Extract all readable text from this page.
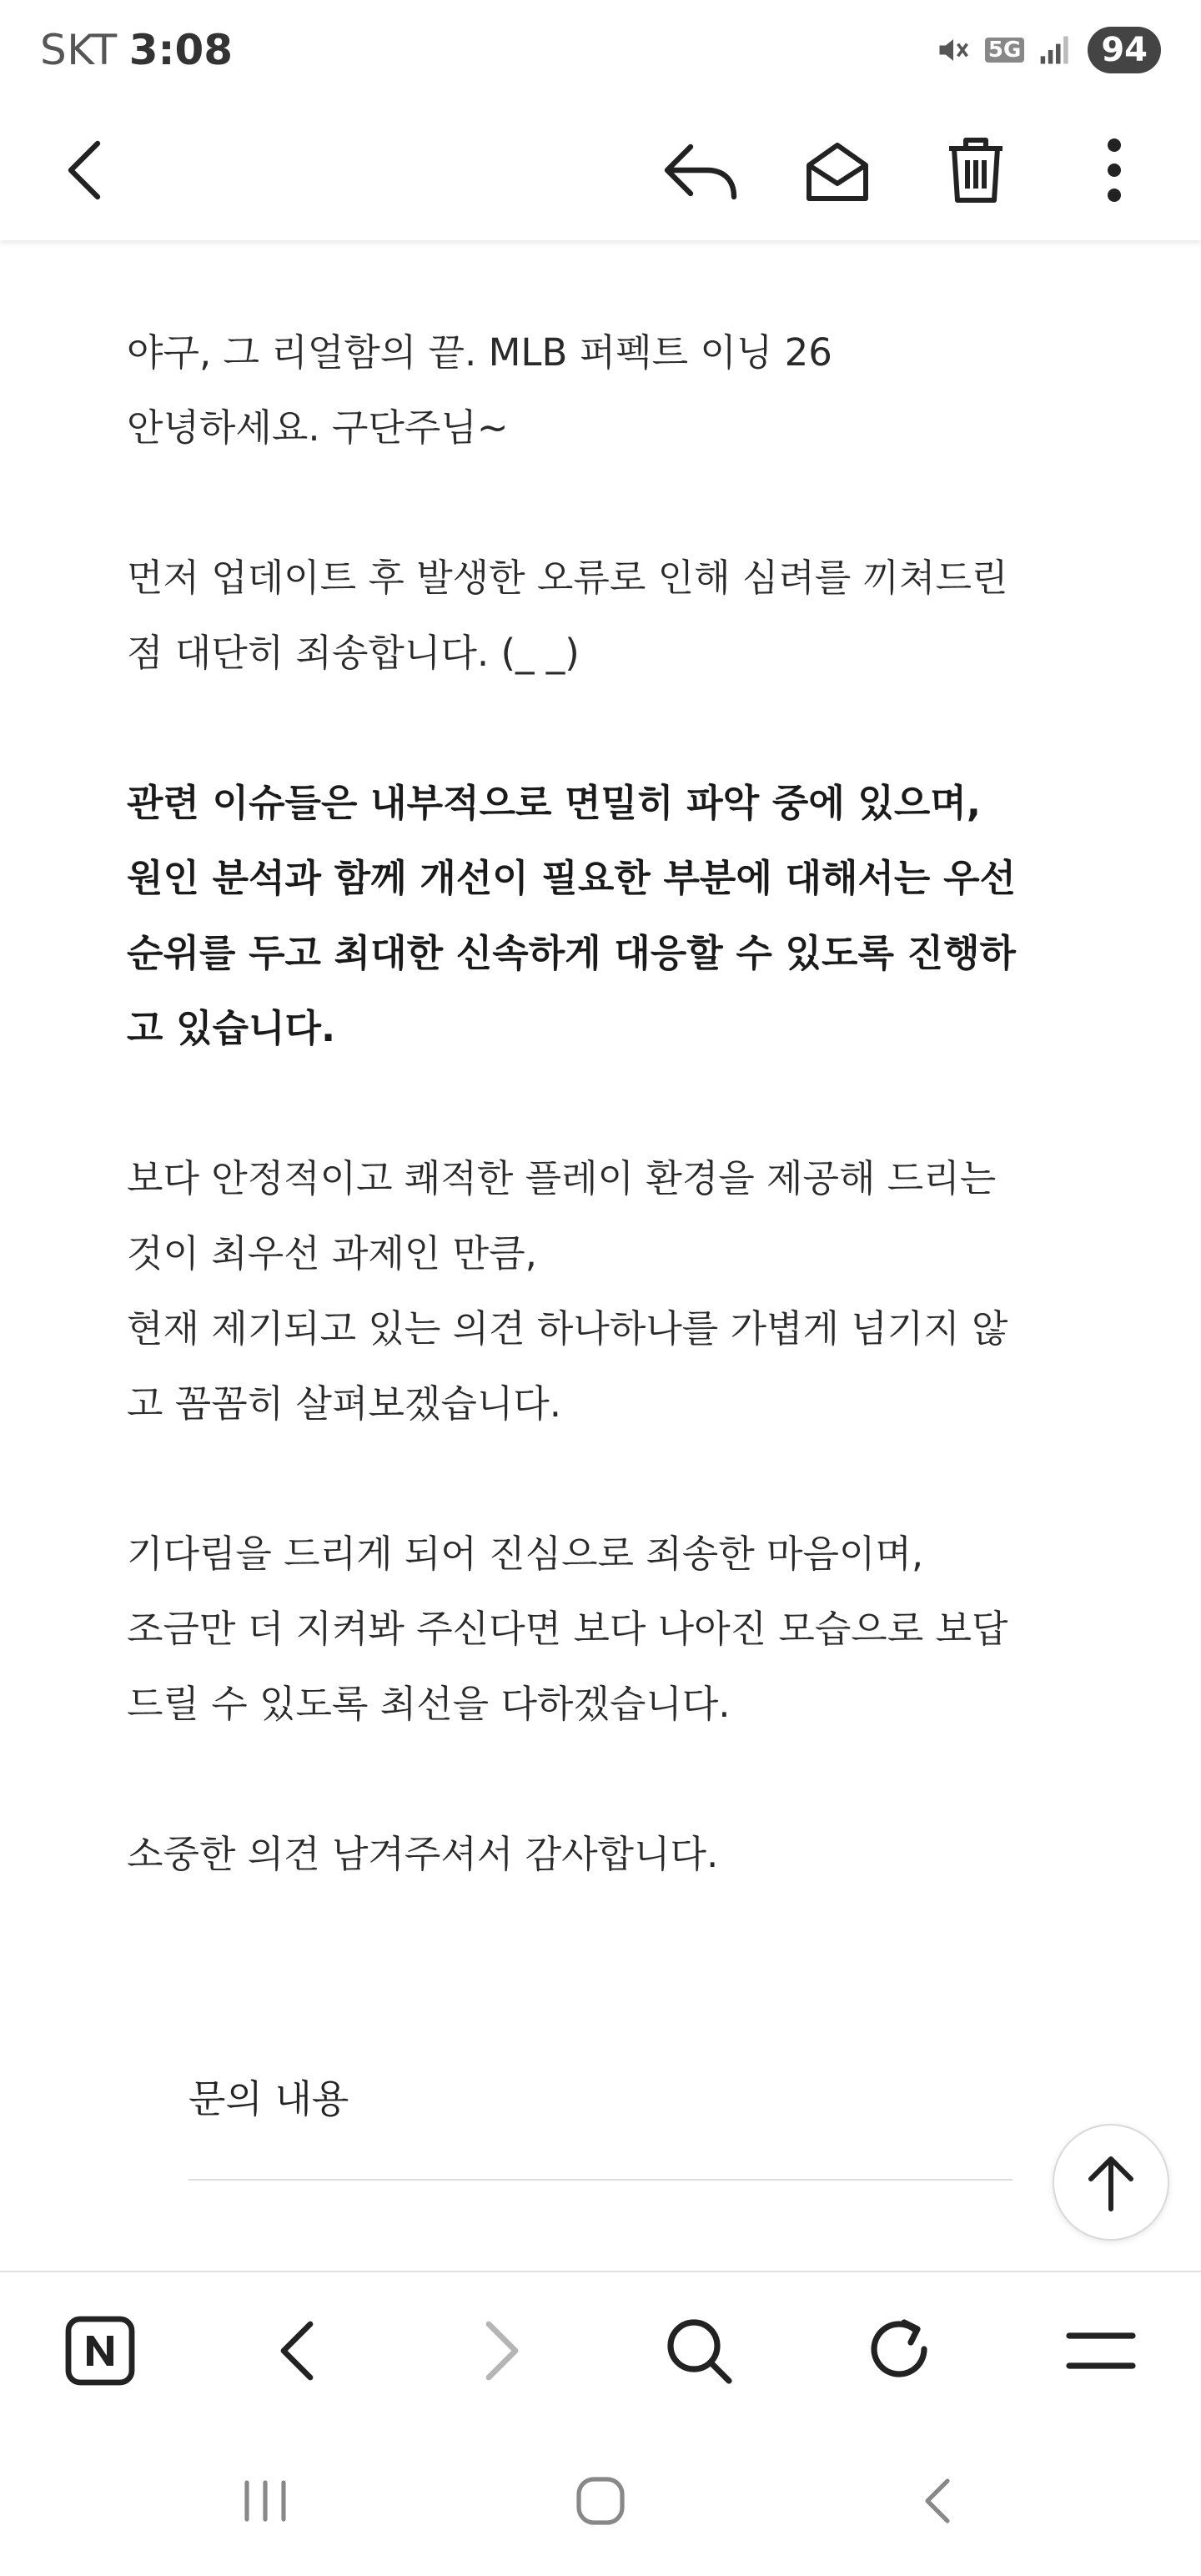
SKT 3:08	5G	94
야구, 그 리얼함의 끝. MLB 퍼펙트 이닝 26
안녕하세요. 구단주님~
먼저 업데이트 후 발생한 오류로 인해 심려를 끼쳐드린
점 대단히 죄송합니다. (_ _)
관련 이슈들은 내부적으로 면밀히 파악 중에 있으며,
원인 분석과 함께 개선이 필요한 부분에 대해서는 우선
순위를 두고 최대한 신속하게 대응할 수 있도록 진행하
고 있습니다.
보다 안정적이고 쾌적한 플레이 환경을 제공해 드리는
것이 최우선 과제인 만큼,
현재 제기되고 있는 의견 하나하나를 가볍게 넘기지 않
고 꼼꼼히 살펴보겠습니다.
기다림을 드리게 되어 진심으로 죄송한 마음이며,
조금만 더 지켜봐 주신다면 보다 나아진 모습으로 보답
드릴 수 있도록 최선을 다하겠습니다.
소중한 의견 남겨주셔서 감사합니다.
문의 내용
